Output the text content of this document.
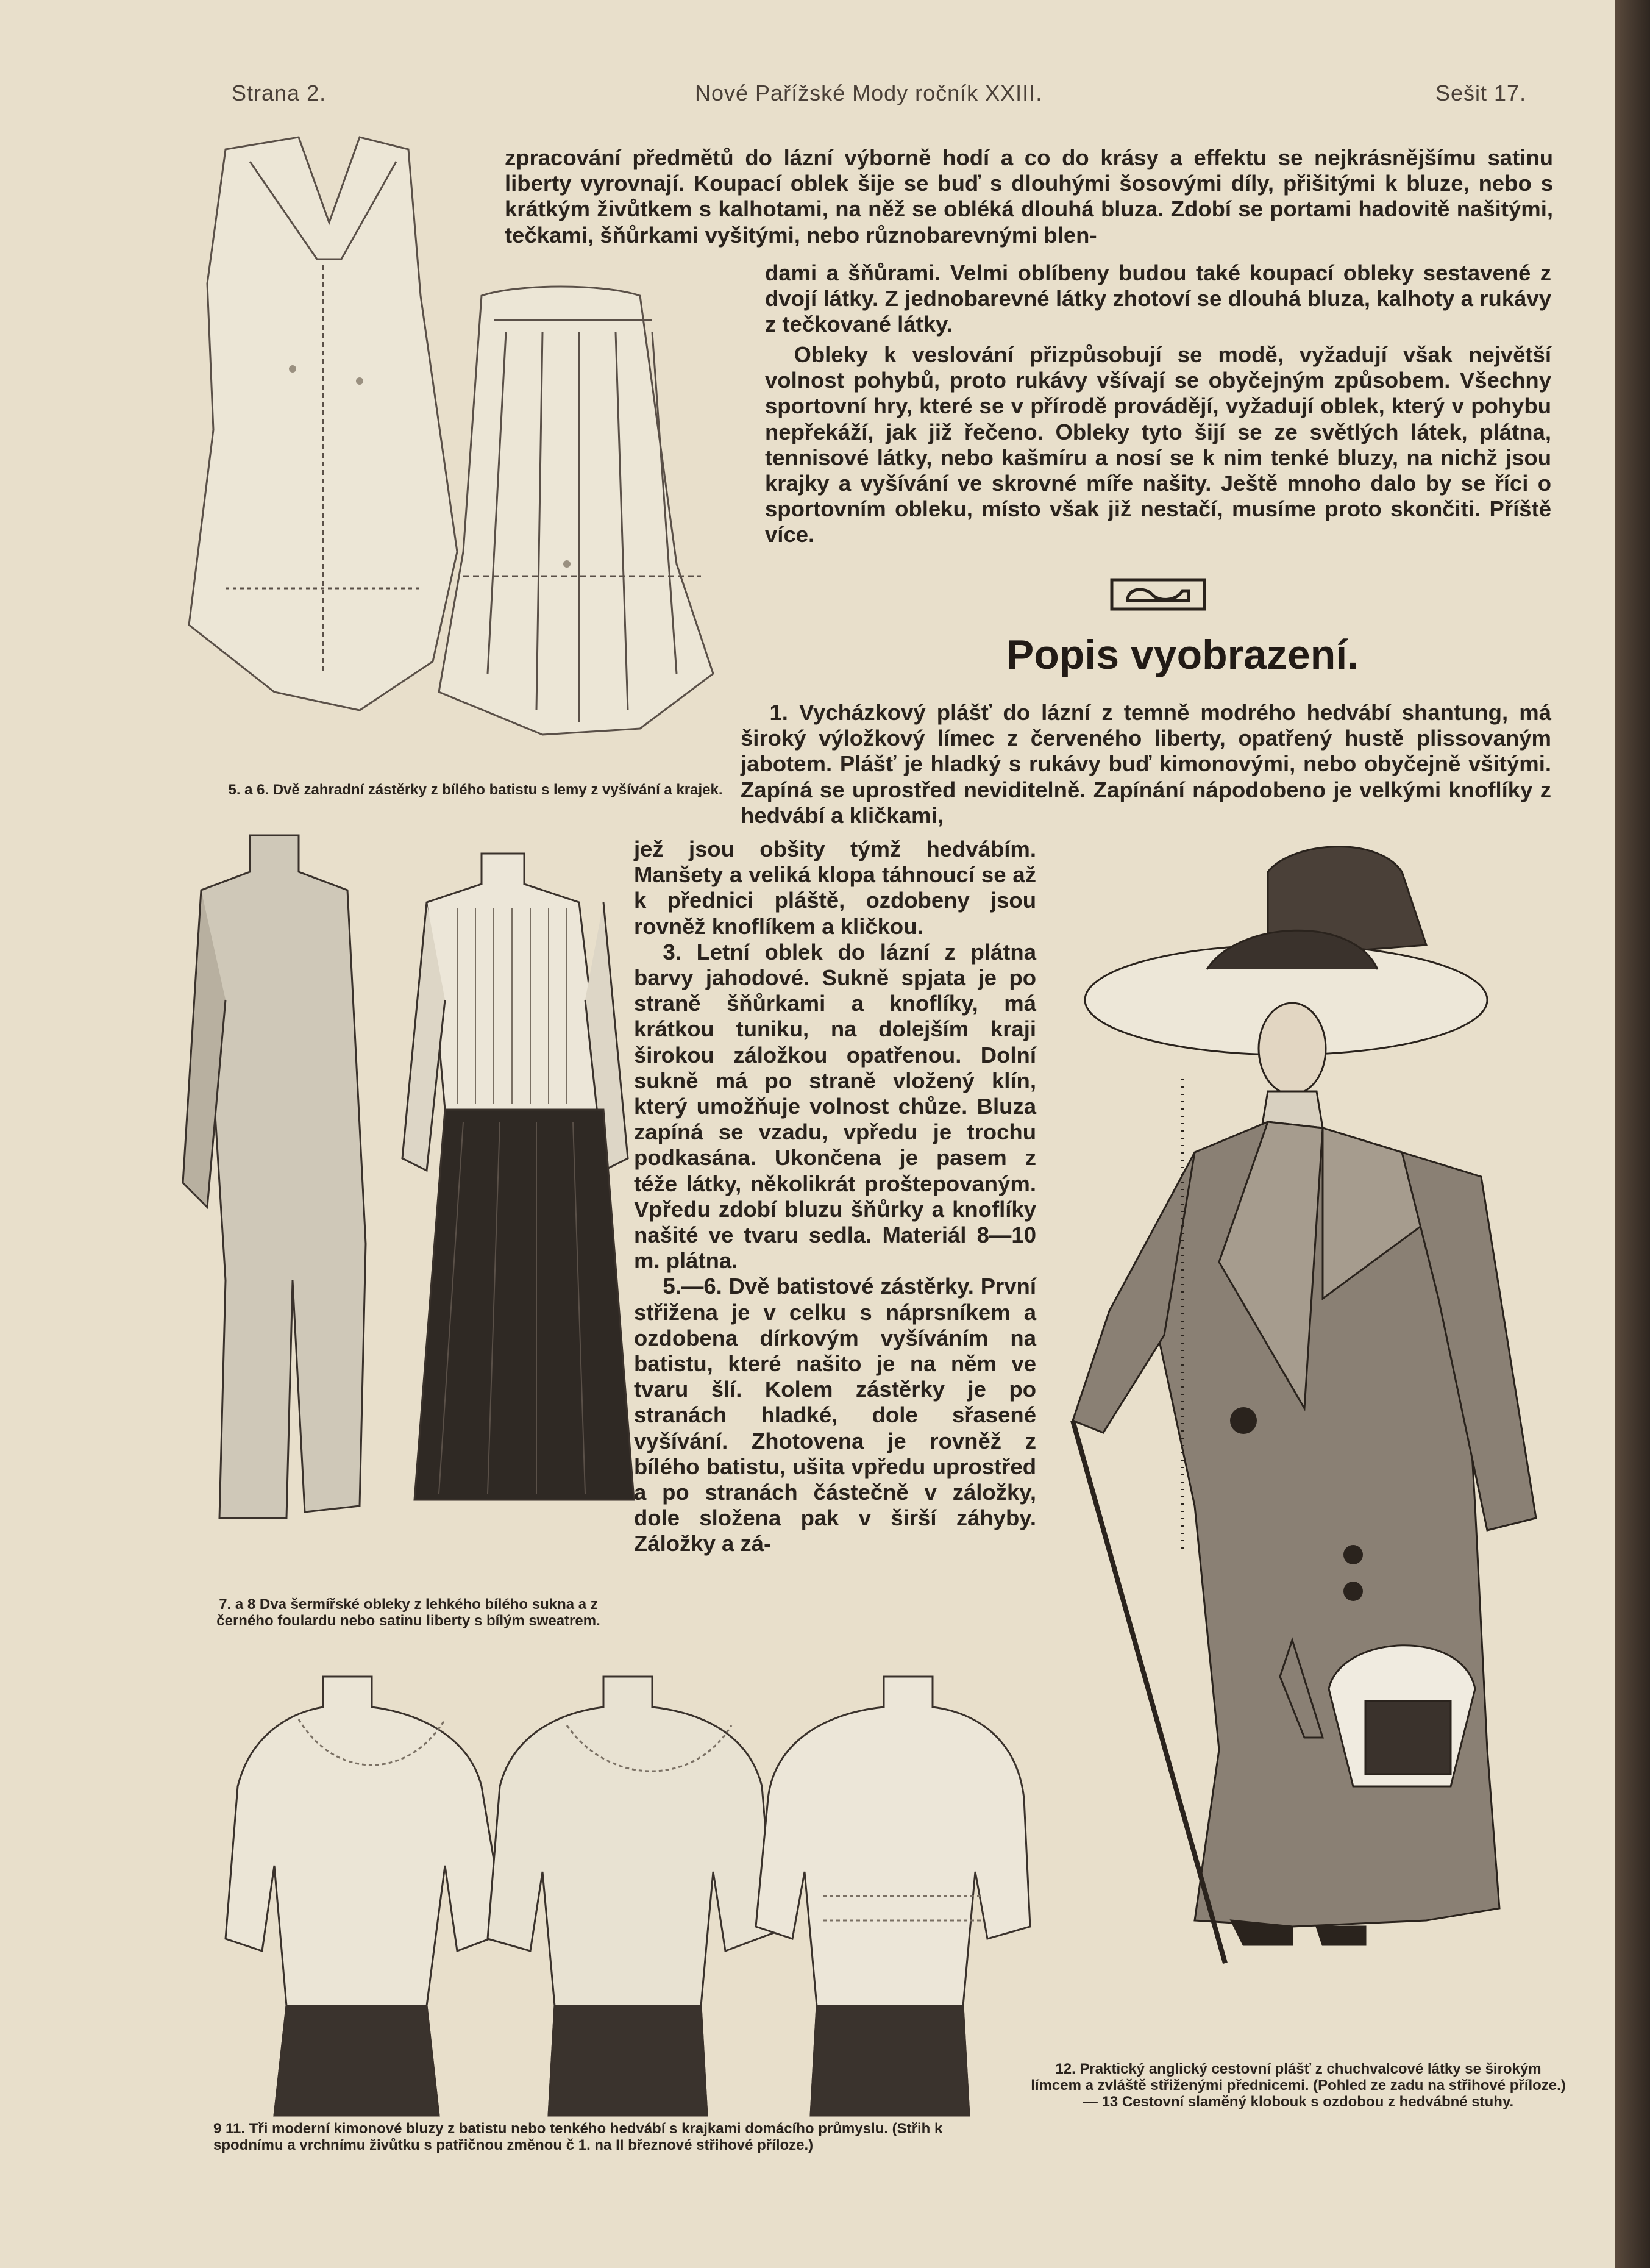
Strana 2.	Nové Pařížské Mody ročník XXIII.	Sešit 17.

zpracování předmětů do lázní výborně hodí a co do krásy a effektu se nejkrásnějšímu satinu liberty vyrovnají. Koupací oblek šije se buď s dlouhými šosovými díly, přišitými k bluze, nebo s krátkým živůtkem s kalhotami, na něž se obléká dlouhá bluza. Zdobí se portami hadovitě našitými, tečkami, šňůrkami vyšitými, nebo různobarevnými blen-

dami a šňůrami. Velmi oblíbeny budou také koupací obleky sestavené z dvojí látky. Z jednobarevné látky zhotoví se dlouhá bluza, kalhoty a rukávy z tečkované látky.

Obleky k veslování přizpůsobují se modě, vyžadují však největší volnost pohybů, proto rukávy všívají se obyčejným způsobem. Všechny sportovní hry, které se v přírodě provádějí, vyžadují oblek, který v pohybu nepřekáží, jak již řečeno. Obleky tyto šijí se ze světlých látek, plátna, tennisové látky, nebo kašmíru a nosí se k nim tenké bluzy, na nichž jsou krajky a vyšívání ve skrovné míře našity. Ještě mnoho dalo by se říci o sportovním obleku, místo však již nestačí, musíme proto skončiti. Příště více.

Popis vyobrazení.

1. Vycházkový plášť do lázní z temně modrého hedvábí shantung, má široký výložkový límec z červeného liberty, opatřený hustě plissovaným jabotem. Plášť je hladký s rukávy buď kimonovými, nebo obyčejně všitými. Zapíná se uprostřed neviditelně. Zapínání nápodobeno je velkými knoflíky z hedvábí a kličkami,

jež jsou obšity týmž hedvábím. Manšety a veliká klopa táhnoucí se až k přednici pláště, ozdobeny jsou rovněž knoflíkem a kličkou.

3. Letní oblek do lázní z plátna barvy jahodové. Sukně spjata je po straně šňůrkami a knoflíky, má krátkou tuniku, na dolejším kraji širokou záložkou opatřenou. Dolní sukně má po straně vložený klín, který umožňuje volnost chůze. Bluza zapíná se vzadu, vpředu je trochu podkasána. Ukončena je pasem z téže látky, několikrát proštepovaným. Vpředu zdobí bluzu šňůrky a knoflíky našité ve tvaru sedla. Materiál 8—10 m. plátna.

5.—6. Dvě batistové zástěrky. První střižena je v celku s náprsníkem a ozdobena dírkovým vyšíváním na batistu, které našito je na něm ve tvaru šlí. Kolem zástěrky je po stranách hladké, dole sřasené vyšívání. Zhotovena je rovněž z bílého batistu, ušita vpředu uprostřed a po stranách částečně v záložky, dole složena pak v širší záhyby. Záložky a zá-

5. a 6. Dvě zahradní zástěrky z bílého batistu s lemy z vyšívání a krajek.

7. a 8 Dva šermířské obleky z lehkého bílého sukna a z černého foulardu nebo satinu liberty s bílým sweatrem.

9 11. Tři moderní kimonové bluzy z batistu nebo tenkého hedvábí s krajkami domácího průmyslu. (Střih k spodnímu a vrchnímu živůtku s patřičnou změnou č 1. na II březnové střihové příloze.)

12. Praktický anglický cestovní plášť z chuchvalcové látky se širokým límcem a zvláště střiženými přednicemi. (Pohled ze zadu na střihové příloze.) — 13 Cestovní slaměný klobouk s ozdobou z hedvábné stuhy.
